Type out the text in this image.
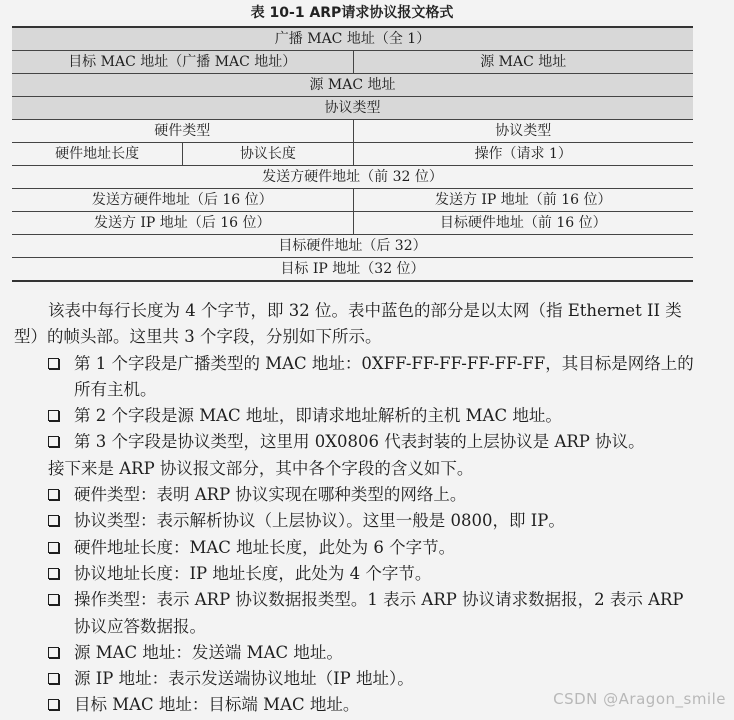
表 10-1 ARP请求协议报文格式
广播 MAC 地址（全 1）
目标 MAC 地址（广播 MAC 地址）	源 MAC 地址
源 MAC 地址
协议类型
硬件类型	协议类型
硬件地址长度	协议长度	操作（请求 1）
发送方硬件地址（前 32 位）
发送方硬件地址（后 16 位）	发送方 IP 地址（前 16 位）
发送方 IP 地址（后 16 位）	目标硬件地址（前 16 位）
目标硬件地址（后 32）
目标 IP 地址（32 位）

该表中每行长度为 4 个字节，即 32 位。表中蓝色的部分是以太网（指 Ethernet II 类型）的帧头部。这里共 3 个字段，分别如下所示。

第 1 个字段是广播类型的 MAC 地址：0XFF-FF-FF-FF-FF-FF，其目标是网络上的所有主机。
第 2 个字段是源 MAC 地址，即请求地址解析的主机 MAC 地址。
第 3 个字段是协议类型，这里用 0X0806 代表封装的上层协议是 ARP 协议。

接下来是 ARP 协议报文部分，其中各个字段的含义如下。

硬件类型：表明 ARP 协议实现在哪种类型的网络上。
协议类型：表示解析协议（上层协议）。这里一般是 0800，即 IP。
硬件地址长度：MAC 地址长度，此处为 6 个字节。
协议地址长度：IP 地址长度，此处为 4 个字节。
操作类型：表示 ARP 协议数据报类型。1 表示 ARP 协议请求数据报，2 表示 ARP 协议应答数据报。
源 MAC 地址：发送端 MAC 地址。
源 IP 地址：表示发送端协议地址（IP 地址）。
目标 MAC 地址：目标端 MAC 地址。	CSDN @Aragon_smile
